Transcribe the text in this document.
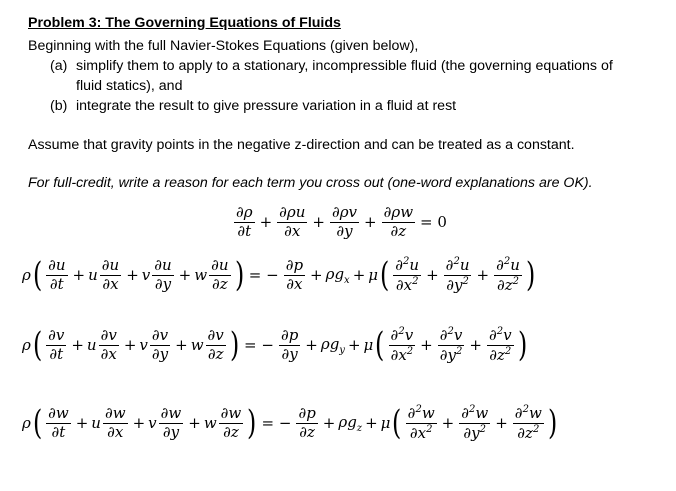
Problem 3: The Governing Equations of Fluids
Beginning with the full Navier-Stokes Equations (given below),
(a) simplify them to apply to a stationary, incompressible fluid (the governing equations of
fluid statics), and
(b) integrate the result to give pressure variation in a fluid at rest
Assume that gravity points in the negative z-direction and can be treated as a constant.
For full-credit, write a reason for each term you cross out (one-word explanations are OK).
$\frac{\partial\rho}{\partial t} + \frac{\partial\rho u}{\partial x} + \frac{\partial\rho v}{\partial y} + \frac{\partial\rho w}{\partial z} = 0$
ρ ( $\frac{\partial u}{\partial t} + u \frac{\partial u}{\partial x} + v \frac{\partial u}{\partial y} + w \frac{\partial u}{\partial z}$ ) = − $\frac{\partial p}{\partial x} + \rho g_x + \mu$ ( $\frac{\partial^2u}{\partial x^2} + \frac{\partial^2u}{\partial y^2} + \frac{\partial^2u}{\partial z^2}$ )
ρ ( $\frac{\partial v}{\partial t} + u \frac{\partial v}{\partial x} + v \frac{\partial v}{\partial y} + w \frac{\partial v}{\partial z}$ ) = − $\frac{\partial p}{\partial y} + \rho g_y + \mu$ ( $\frac{\partial^2v}{\partial x^2} + \frac{\partial^2v}{\partial y^2} + \frac{\partial^2v}{\partial z^2}$ )
ρ ( $\frac{\partial w}{\partial t} + u \frac{\partial w}{\partial x} + v \frac{\partial w}{\partial y} + w \frac{\partial w}{\partial z}$ ) = − $\frac{\partial p}{\partial z} + \rho g_z + \mu$ ( $\frac{\partial^2w}{\partial x^2} + \frac{\partial^2w}{\partial y^2} + \frac{\partial^2w}{\partial z^2}$ )
